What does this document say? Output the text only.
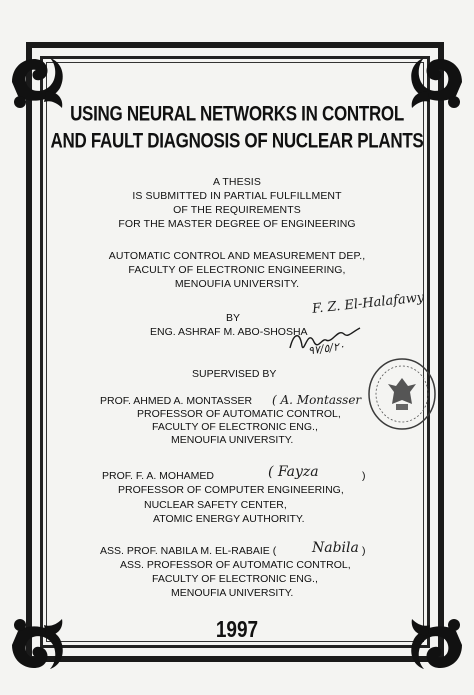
USING NEURAL NETWORKS IN CONTROL
AND FAULT DIAGNOSIS OF NUCLEAR PLANTS
A THESIS
IS SUBMITTED IN PARTIAL FULFILLMENT
OF THE REQUIREMENTS
FOR THE MASTER DEGREE OF ENGINEERING
AUTOMATIC CONTROL AND MEASUREMENT DEP.,
FACULTY OF ELECTRONIC ENGINEERING,
MENOUFIA UNIVERSITY.
BY
ENG. ASHRAF M. ABO-SHOSHA
F. Z. El-Halafawy
٩٧/٥/٢٠
SUPERVISED BY
PROF. AHMED A. MONTASSER ( A. Montasser
PROFESSOR OF AUTOMATIC CONTROL,
FACULTY OF ELECTRONIC ENG.,
MENOUFIA UNIVERSITY.
PROF. F. A. MOHAMED	( Fayza	)
PROFESSOR OF COMPUTER ENGINEERING,
NUCLEAR SAFETY CENTER,
ATOMIC ENERGY AUTHORITY.
ASS. PROF. NABILA M. EL-RABAIE (	Nabila )
ASS. PROFESSOR OF AUTOMATIC CONTROL,
FACULTY OF ELECTRONIC ENG.,
MENOUFIA UNIVERSITY.
1997
